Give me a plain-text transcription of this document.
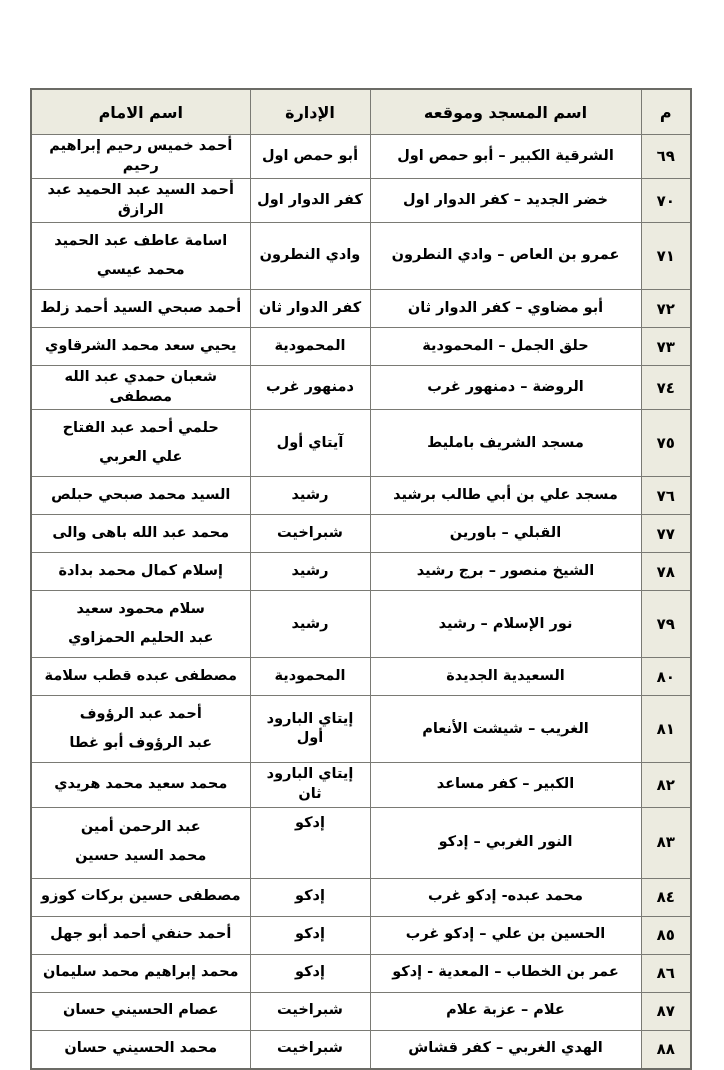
م	اسم المسجد وموقعه	الإدارة	اسم الامام
٦٩	الشرقية الكبير – أبو حمص اول	أبو حمص اول	أحمد خميس رحيم إبراهيم رحيم

٧٠	خضر الجديد – كفر الدوار اول	كفر الدوار اول	أحمد السيد عبد الحميد عبد الرازق

٧١	عمرو بن العاص – وادي النطرون	وادي النطرون	اسامة عاطف عبد الحميد
محمد عيسي

٧٢	أبو مضاوي – كفر الدوار ثان	كفر الدوار ثان	أحمد صبحي السيد أحمد زلط

٧٣	حلق الجمل – المحمودية	المحمودية	يحيي سعد محمد الشرقاوي

٧٤	الروضة – دمنهور غرب	دمنهور غرب	شعبان حمدي عبد الله مصطفى

٧٥	مسجد الشريف بامليط	آيتاي أول	حلمي أحمد عبد الفتاح
علي العربي

٧٦	مسجد علي بن أبي طالب برشيد	رشيد	السيد محمد صبحي حبلص

٧٧	القبلي – باورين	شبراخيت	محمد عبد الله باهى والى

٧٨	الشيخ منصور – برج رشيد	رشيد	إسلام كمال محمد بدادة

٧٩	نور الإسلام – رشيد	رشيد	سلام محمود سعيد
عبد الحليم الحمزاوي

٨٠	السعيدية الجديدة	المحمودية	مصطفى عبده قطب سلامة

٨١	الغريب – شيشت الأنعام	إيتاي البارود أول	أحمد عبد الرؤوف
عبد الرؤوف أبو غطا

٨٢	الكبير – كفر مساعد	إيتاي البارود ثان	محمد سعيد محمد هريدي

٨٣	النور الغربي – إدكو	إدكو	عبد الرحمن أمين
محمد السيد حسين

٨٤	محمد عبده- إدكو غرب	إدكو	مصطفى حسين بركات كوزو

٨٥	الحسين بن علي – إدكو غرب	إدكو	أحمد حنفي أحمد أبو جهل

٨٦	عمر بن الخطاب – المعدية - إدكو	إدكو	محمد إبراهيم محمد سليمان

٨٧	علام – عزبة علام	شبراخيت	عصام الحسيني حسان

٨٨	الهدي الغربي – كفر قشاش	شبراخيت	محمد الحسيني حسان
